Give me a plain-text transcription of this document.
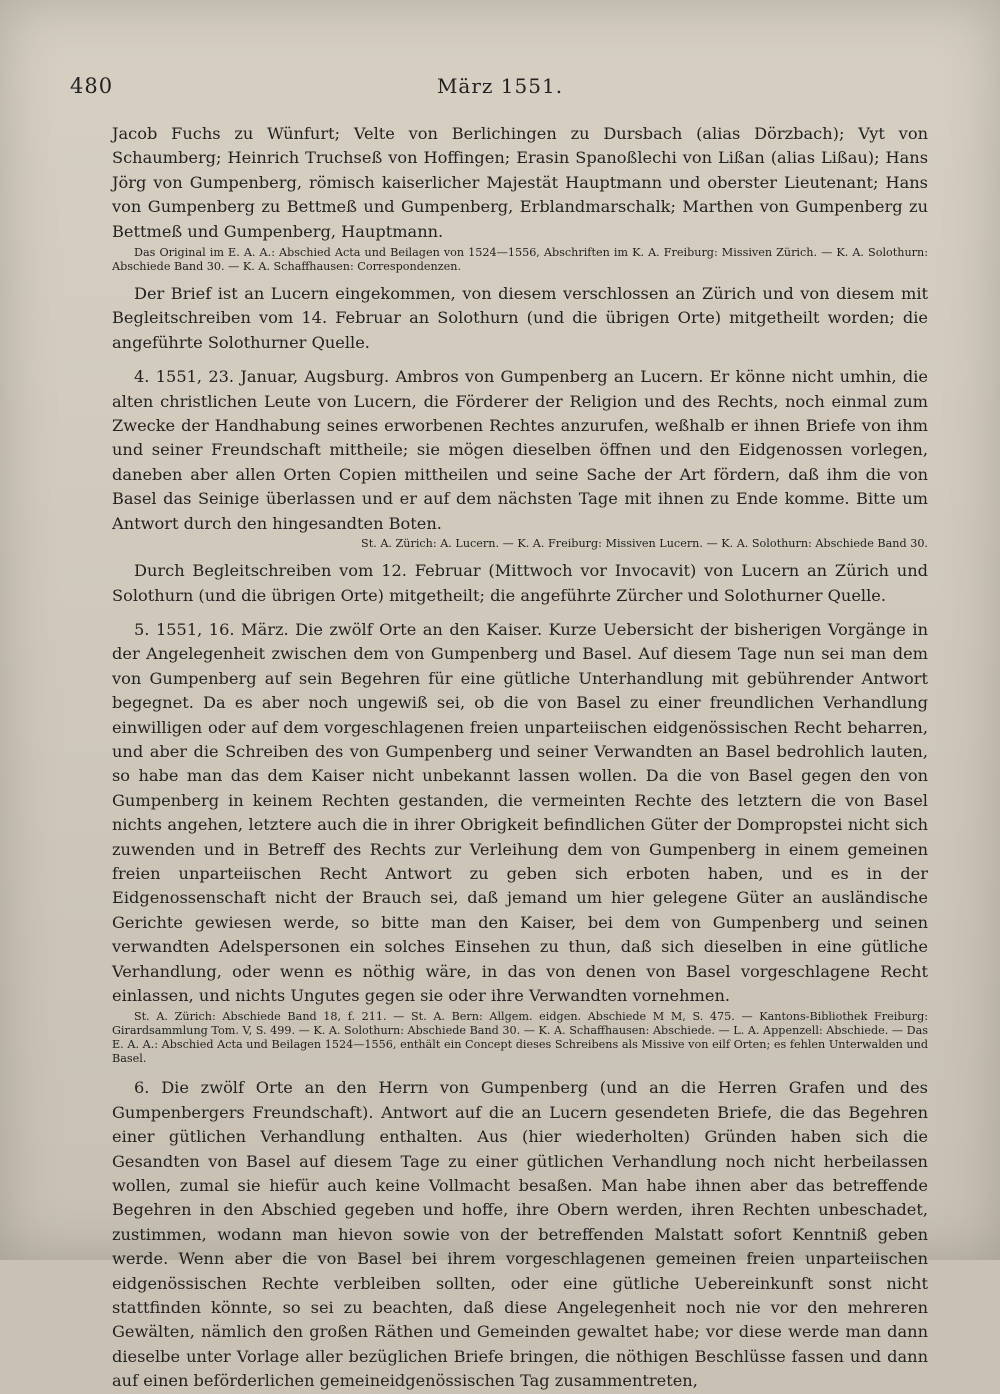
480	März 1551.

Jacob Fuchs zu Wünfurt; Velte von Berlichingen zu Dursbach (alias Dörzbach); Vyt von Schaumberg; Heinrich Truchseß von Hoffingen; Erasin Spanoßlechi von Lißan (alias Lißau); Hans Jörg von Gumpenberg, römisch kaiserlicher Majestät Hauptmann und oberster Lieutenant; Hans von Gumpenberg zu Bettmeß und Gumpenberg, Erblandmarschalk; Marthen von Gumpenberg zu Bettmeß und Gumpenberg, Hauptmann.

Das Original im E. A. A.: Abschied Acta und Beilagen von 1524—1556, Abschriften im K. A. Freiburg: Missiven Zürich. — K. A. Solothurn: Abschiede Band 30. — K. A. Schaffhausen: Correspondenzen.

Der Brief ist an Lucern eingekommen, von diesem verschlossen an Zürich und von diesem mit Begleitschreiben vom 14. Februar an Solothurn (und die übrigen Orte) mitgetheilt worden; die angeführte Solothurner Quelle.

4. 1551, 23. Januar, Augsburg. Ambros von Gumpenberg an Lucern. Er könne nicht umhin, die alten christlichen Leute von Lucern, die Förderer der Religion und des Rechts, noch einmal zum Zwecke der Handhabung seines erworbenen Rechtes anzurufen, weßhalb er ihnen Briefe von ihm und seiner Freundschaft mittheile; sie mögen dieselben öffnen und den Eidgenossen vorlegen, daneben aber allen Orten Copien mittheilen und seine Sache der Art fördern, daß ihm die von Basel das Seinige überlassen und er auf dem nächsten Tage mit ihnen zu Ende komme. Bitte um Antwort durch den hingesandten Boten.

St. A. Zürich: A. Lucern. — K. A. Freiburg: Missiven Lucern. — K. A. Solothurn: Abschiede Band 30.

Durch Begleitschreiben vom 12. Februar (Mittwoch vor Invocavit) von Lucern an Zürich und Solothurn (und die übrigen Orte) mitgetheilt; die angeführte Zürcher und Solothurner Quelle.

5. 1551, 16. März. Die zwölf Orte an den Kaiser. Kurze Uebersicht der bisherigen Vorgänge in der Angelegenheit zwischen dem von Gumpenberg und Basel. Auf diesem Tage nun sei man dem von Gumpenberg auf sein Begehren für eine gütliche Unterhandlung mit gebührender Antwort begegnet. Da es aber noch ungewiß sei, ob die von Basel zu einer freundlichen Verhandlung einwilligen oder auf dem vorgeschlagenen freien unparteiischen eidgenössischen Recht beharren, und aber die Schreiben des von Gumpenberg und seiner Verwandten an Basel bedrohlich lauten, so habe man das dem Kaiser nicht unbekannt lassen wollen. Da die von Basel gegen den von Gumpenberg in keinem Rechten gestanden, die vermeinten Rechte des letztern die von Basel nichts angehen, letztere auch die in ihrer Obrigkeit befindlichen Güter der Dompropstei nicht sich zuwenden und in Betreff des Rechts zur Verleihung dem von Gumpenberg in einem gemeinen freien unparteiischen Recht Antwort zu geben sich erboten haben, und es in der Eidgenossenschaft nicht der Brauch sei, daß jemand um hier gelegene Güter an ausländische Gerichte gewiesen werde, so bitte man den Kaiser, bei dem von Gumpenberg und seinen verwandten Adelspersonen ein solches Einsehen zu thun, daß sich dieselben in eine gütliche Verhandlung, oder wenn es nöthig wäre, in das von denen von Basel vorgeschlagene Recht einlassen, und nichts Ungutes gegen sie oder ihre Verwandten vornehmen.

St. A. Zürich: Abschiede Band 18, f. 211. — St. A. Bern: Allgem. eidgen. Abschiede M M, S. 475. — Kantons-Bibliothek Freiburg: Girardsammlung Tom. V, S. 499. — K. A. Solothurn: Abschiede Band 30. — K. A. Schaffhausen: Abschiede. — L. A. Appenzell: Abschiede. — Das E. A. A.: Abschied Acta und Beilagen 1524—1556, enthält ein Concept dieses Schreibens als Missive von eilf Orten; es fehlen Unterwalden und Basel.

6. Die zwölf Orte an den Herrn von Gumpenberg (und an die Herren Grafen und des Gumpenbergers Freundschaft). Antwort auf die an Lucern gesendeten Briefe, die das Begehren einer gütlichen Verhandlung enthalten. Aus (hier wiederholten) Gründen haben sich die Gesandten von Basel auf diesem Tage zu einer gütlichen Verhandlung noch nicht herbeilassen wollen, zumal sie hiefür auch keine Vollmacht besaßen. Man habe ihnen aber das betreffende Begehren in den Abschied gegeben und hoffe, ihre Obern werden, ihren Rechten unbeschadet, zustimmen, wodann man hievon sowie von der betreffenden Malstatt sofort Kenntniß geben werde. Wenn aber die von Basel bei ihrem vorgeschlagenen gemeinen freien unparteiischen eidgenössischen Rechte verbleiben sollten, oder eine gütliche Uebereinkunft sonst nicht stattfinden könnte, so sei zu beachten, daß diese Angelegenheit noch nie vor den mehreren Gewälten, nämlich den großen Räthen und Gemeinden gewaltet habe; vor diese werde man dann dieselbe unter Vorlage aller bezüglichen Briefe bringen, die nöthigen Beschlüsse fassen und dann auf einen beförderlichen gemeineidgenössischen Tag zusammentreten,
